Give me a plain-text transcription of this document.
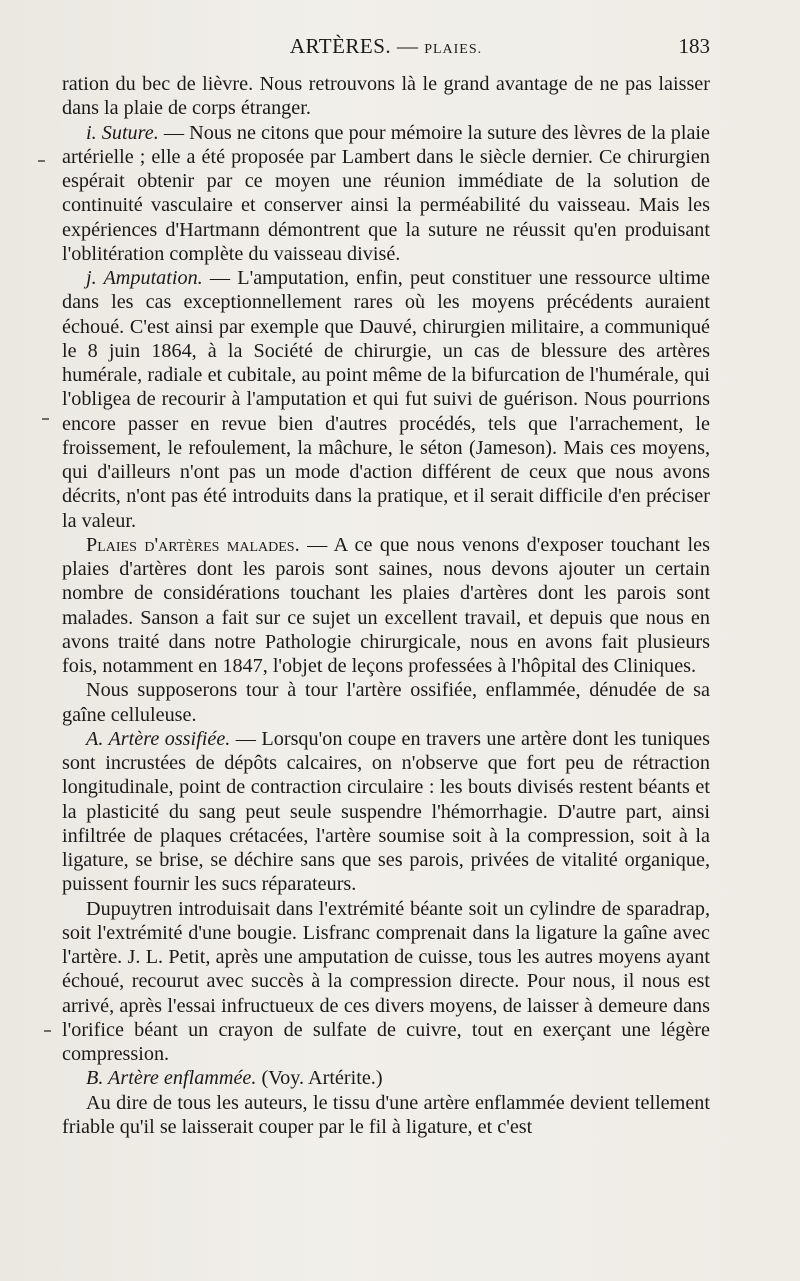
ARTÈRES. — PLAIES.	183

ration du bec de lièvre. Nous retrouvons là le grand avantage de ne pas laisser dans la plaie de corps étranger.

i. Suture. — Nous ne citons que pour mémoire la suture des lèvres de la plaie artérielle ; elle a été proposée par Lambert dans le siècle dernier. Ce chirurgien espérait obtenir par ce moyen une réunion immédiate de la solution de continuité vasculaire et conserver ainsi la perméabilité du vaisseau. Mais les expériences d'Hartmann démontrent que la suture ne réussit qu'en produisant l'oblitération complète du vaisseau divisé.

j. Amputation. — L'amputation, enfin, peut constituer une ressource ultime dans les cas exceptionnellement rares où les moyens précédents auraient échoué. C'est ainsi par exemple que Dauvé, chirurgien militaire, a communiqué le 8 juin 1864, à la Société de chirurgie, un cas de blessure des artères humérale, radiale et cubitale, au point même de la bifurcation de l'humérale, qui l'obligea de recourir à l'amputation et qui fut suivi de guérison. Nous pourrions encore passer en revue bien d'autres procédés, tels que l'arrachement, le froissement, le refoulement, la mâchure, le séton (Jameson). Mais ces moyens, qui d'ailleurs n'ont pas un mode d'action différent de ceux que nous avons décrits, n'ont pas été introduits dans la pratique, et il serait difficile d'en préciser la valeur.

Plaies d'artères malades. — A ce que nous venons d'exposer touchant les plaies d'artères dont les parois sont saines, nous devons ajouter un certain nombre de considérations touchant les plaies d'artères dont les parois sont malades. Sanson a fait sur ce sujet un excellent travail, et depuis que nous en avons traité dans notre Pathologie chirurgicale, nous en avons fait plusieurs fois, notamment en 1847, l'objet de leçons professées à l'hôpital des Cliniques.

Nous supposerons tour à tour l'artère ossifiée, enflammée, dénudée de sa gaîne celluleuse.

A. Artère ossifiée. — Lorsqu'on coupe en travers une artère dont les tuniques sont incrustées de dépôts calcaires, on n'observe que fort peu de rétraction longitudinale, point de contraction circulaire : les bouts divisés restent béants et la plasticité du sang peut seule suspendre l'hémorrhagie. D'autre part, ainsi infiltrée de plaques crétacées, l'artère soumise soit à la compression, soit à la ligature, se brise, se déchire sans que ses parois, privées de vitalité organique, puissent fournir les sucs réparateurs.

Dupuytren introduisait dans l'extrémité béante soit un cylindre de sparadrap, soit l'extrémité d'une bougie. Lisfranc comprenait dans la ligature la gaîne avec l'artère. J. L. Petit, après une amputation de cuisse, tous les autres moyens ayant échoué, recourut avec succès à la compression directe. Pour nous, il nous est arrivé, après l'essai infructueux de ces divers moyens, de laisser à demeure dans l'orifice béant un crayon de sulfate de cuivre, tout en exerçant une légère compression.

B. Artère enflammée. (Voy. Artérite.)

Au dire de tous les auteurs, le tissu d'une artère enflammée devient tellement friable qu'il se laisserait couper par le fil à ligature, et c'est
